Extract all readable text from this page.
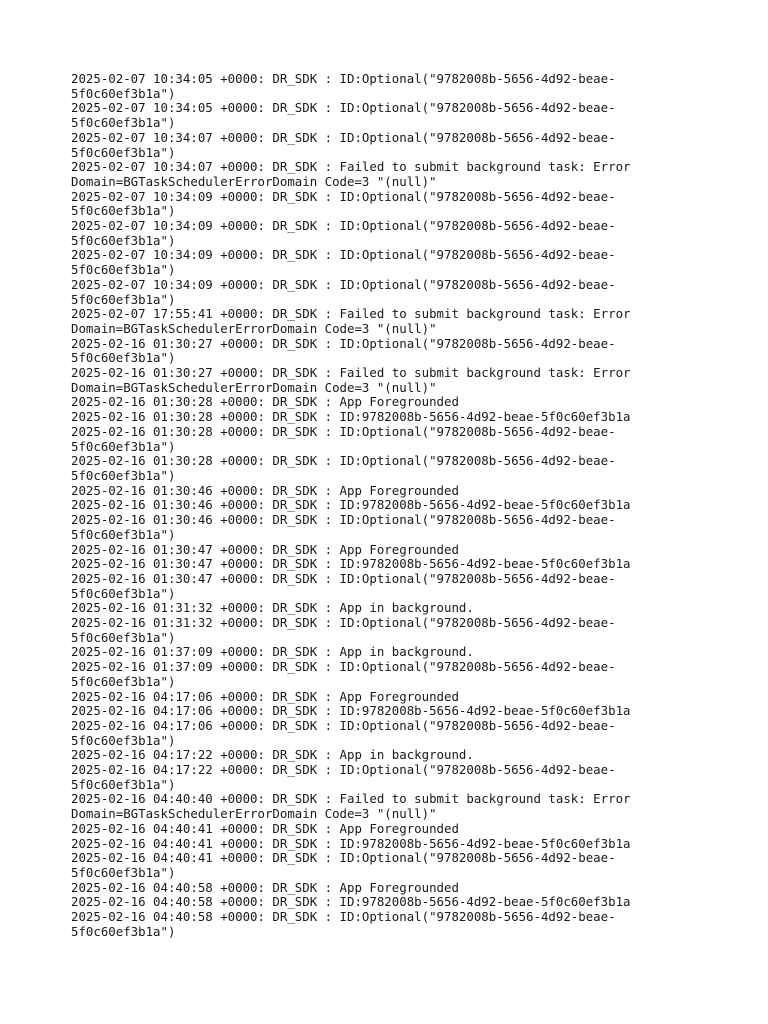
2025-02-07 10:34:05 +0000: DR_SDK : ID:Optional("9782008b-5656-4d92-beae-
5f0c60ef3b1a")
2025-02-07 10:34:05 +0000: DR_SDK : ID:Optional("9782008b-5656-4d92-beae-
5f0c60ef3b1a")
2025-02-07 10:34:07 +0000: DR_SDK : ID:Optional("9782008b-5656-4d92-beae-
5f0c60ef3b1a")
2025-02-07 10:34:07 +0000: DR_SDK : Failed to submit background task: Error
Domain=BGTaskSchedulerErrorDomain Code=3 "(null)"
2025-02-07 10:34:09 +0000: DR_SDK : ID:Optional("9782008b-5656-4d92-beae-
5f0c60ef3b1a")
2025-02-07 10:34:09 +0000: DR_SDK : ID:Optional("9782008b-5656-4d92-beae-
5f0c60ef3b1a")
2025-02-07 10:34:09 +0000: DR_SDK : ID:Optional("9782008b-5656-4d92-beae-
5f0c60ef3b1a")
2025-02-07 10:34:09 +0000: DR_SDK : ID:Optional("9782008b-5656-4d92-beae-
5f0c60ef3b1a")
2025-02-07 17:55:41 +0000: DR_SDK : Failed to submit background task: Error
Domain=BGTaskSchedulerErrorDomain Code=3 "(null)"
2025-02-16 01:30:27 +0000: DR_SDK : ID:Optional("9782008b-5656-4d92-beae-
5f0c60ef3b1a")
2025-02-16 01:30:27 +0000: DR_SDK : Failed to submit background task: Error
Domain=BGTaskSchedulerErrorDomain Code=3 "(null)"
2025-02-16 01:30:28 +0000: DR_SDK : App Foregrounded
2025-02-16 01:30:28 +0000: DR_SDK : ID:9782008b-5656-4d92-beae-5f0c60ef3b1a
2025-02-16 01:30:28 +0000: DR_SDK : ID:Optional("9782008b-5656-4d92-beae-
5f0c60ef3b1a")
2025-02-16 01:30:28 +0000: DR_SDK : ID:Optional("9782008b-5656-4d92-beae-
5f0c60ef3b1a")
2025-02-16 01:30:46 +0000: DR_SDK : App Foregrounded
2025-02-16 01:30:46 +0000: DR_SDK : ID:9782008b-5656-4d92-beae-5f0c60ef3b1a
2025-02-16 01:30:46 +0000: DR_SDK : ID:Optional("9782008b-5656-4d92-beae-
5f0c60ef3b1a")
2025-02-16 01:30:47 +0000: DR_SDK : App Foregrounded
2025-02-16 01:30:47 +0000: DR_SDK : ID:9782008b-5656-4d92-beae-5f0c60ef3b1a
2025-02-16 01:30:47 +0000: DR_SDK : ID:Optional("9782008b-5656-4d92-beae-
5f0c60ef3b1a")
2025-02-16 01:31:32 +0000: DR_SDK : App in background.
2025-02-16 01:31:32 +0000: DR_SDK : ID:Optional("9782008b-5656-4d92-beae-
5f0c60ef3b1a")
2025-02-16 01:37:09 +0000: DR_SDK : App in background.
2025-02-16 01:37:09 +0000: DR_SDK : ID:Optional("9782008b-5656-4d92-beae-
5f0c60ef3b1a")
2025-02-16 04:17:06 +0000: DR_SDK : App Foregrounded
2025-02-16 04:17:06 +0000: DR_SDK : ID:9782008b-5656-4d92-beae-5f0c60ef3b1a
2025-02-16 04:17:06 +0000: DR_SDK : ID:Optional("9782008b-5656-4d92-beae-
5f0c60ef3b1a")
2025-02-16 04:17:22 +0000: DR_SDK : App in background.
2025-02-16 04:17:22 +0000: DR_SDK : ID:Optional("9782008b-5656-4d92-beae-
5f0c60ef3b1a")
2025-02-16 04:40:40 +0000: DR_SDK : Failed to submit background task: Error
Domain=BGTaskSchedulerErrorDomain Code=3 "(null)"
2025-02-16 04:40:41 +0000: DR_SDK : App Foregrounded
2025-02-16 04:40:41 +0000: DR_SDK : ID:9782008b-5656-4d92-beae-5f0c60ef3b1a
2025-02-16 04:40:41 +0000: DR_SDK : ID:Optional("9782008b-5656-4d92-beae-
5f0c60ef3b1a")
2025-02-16 04:40:58 +0000: DR_SDK : App Foregrounded
2025-02-16 04:40:58 +0000: DR_SDK : ID:9782008b-5656-4d92-beae-5f0c60ef3b1a
2025-02-16 04:40:58 +0000: DR_SDK : ID:Optional("9782008b-5656-4d92-beae-
5f0c60ef3b1a")
